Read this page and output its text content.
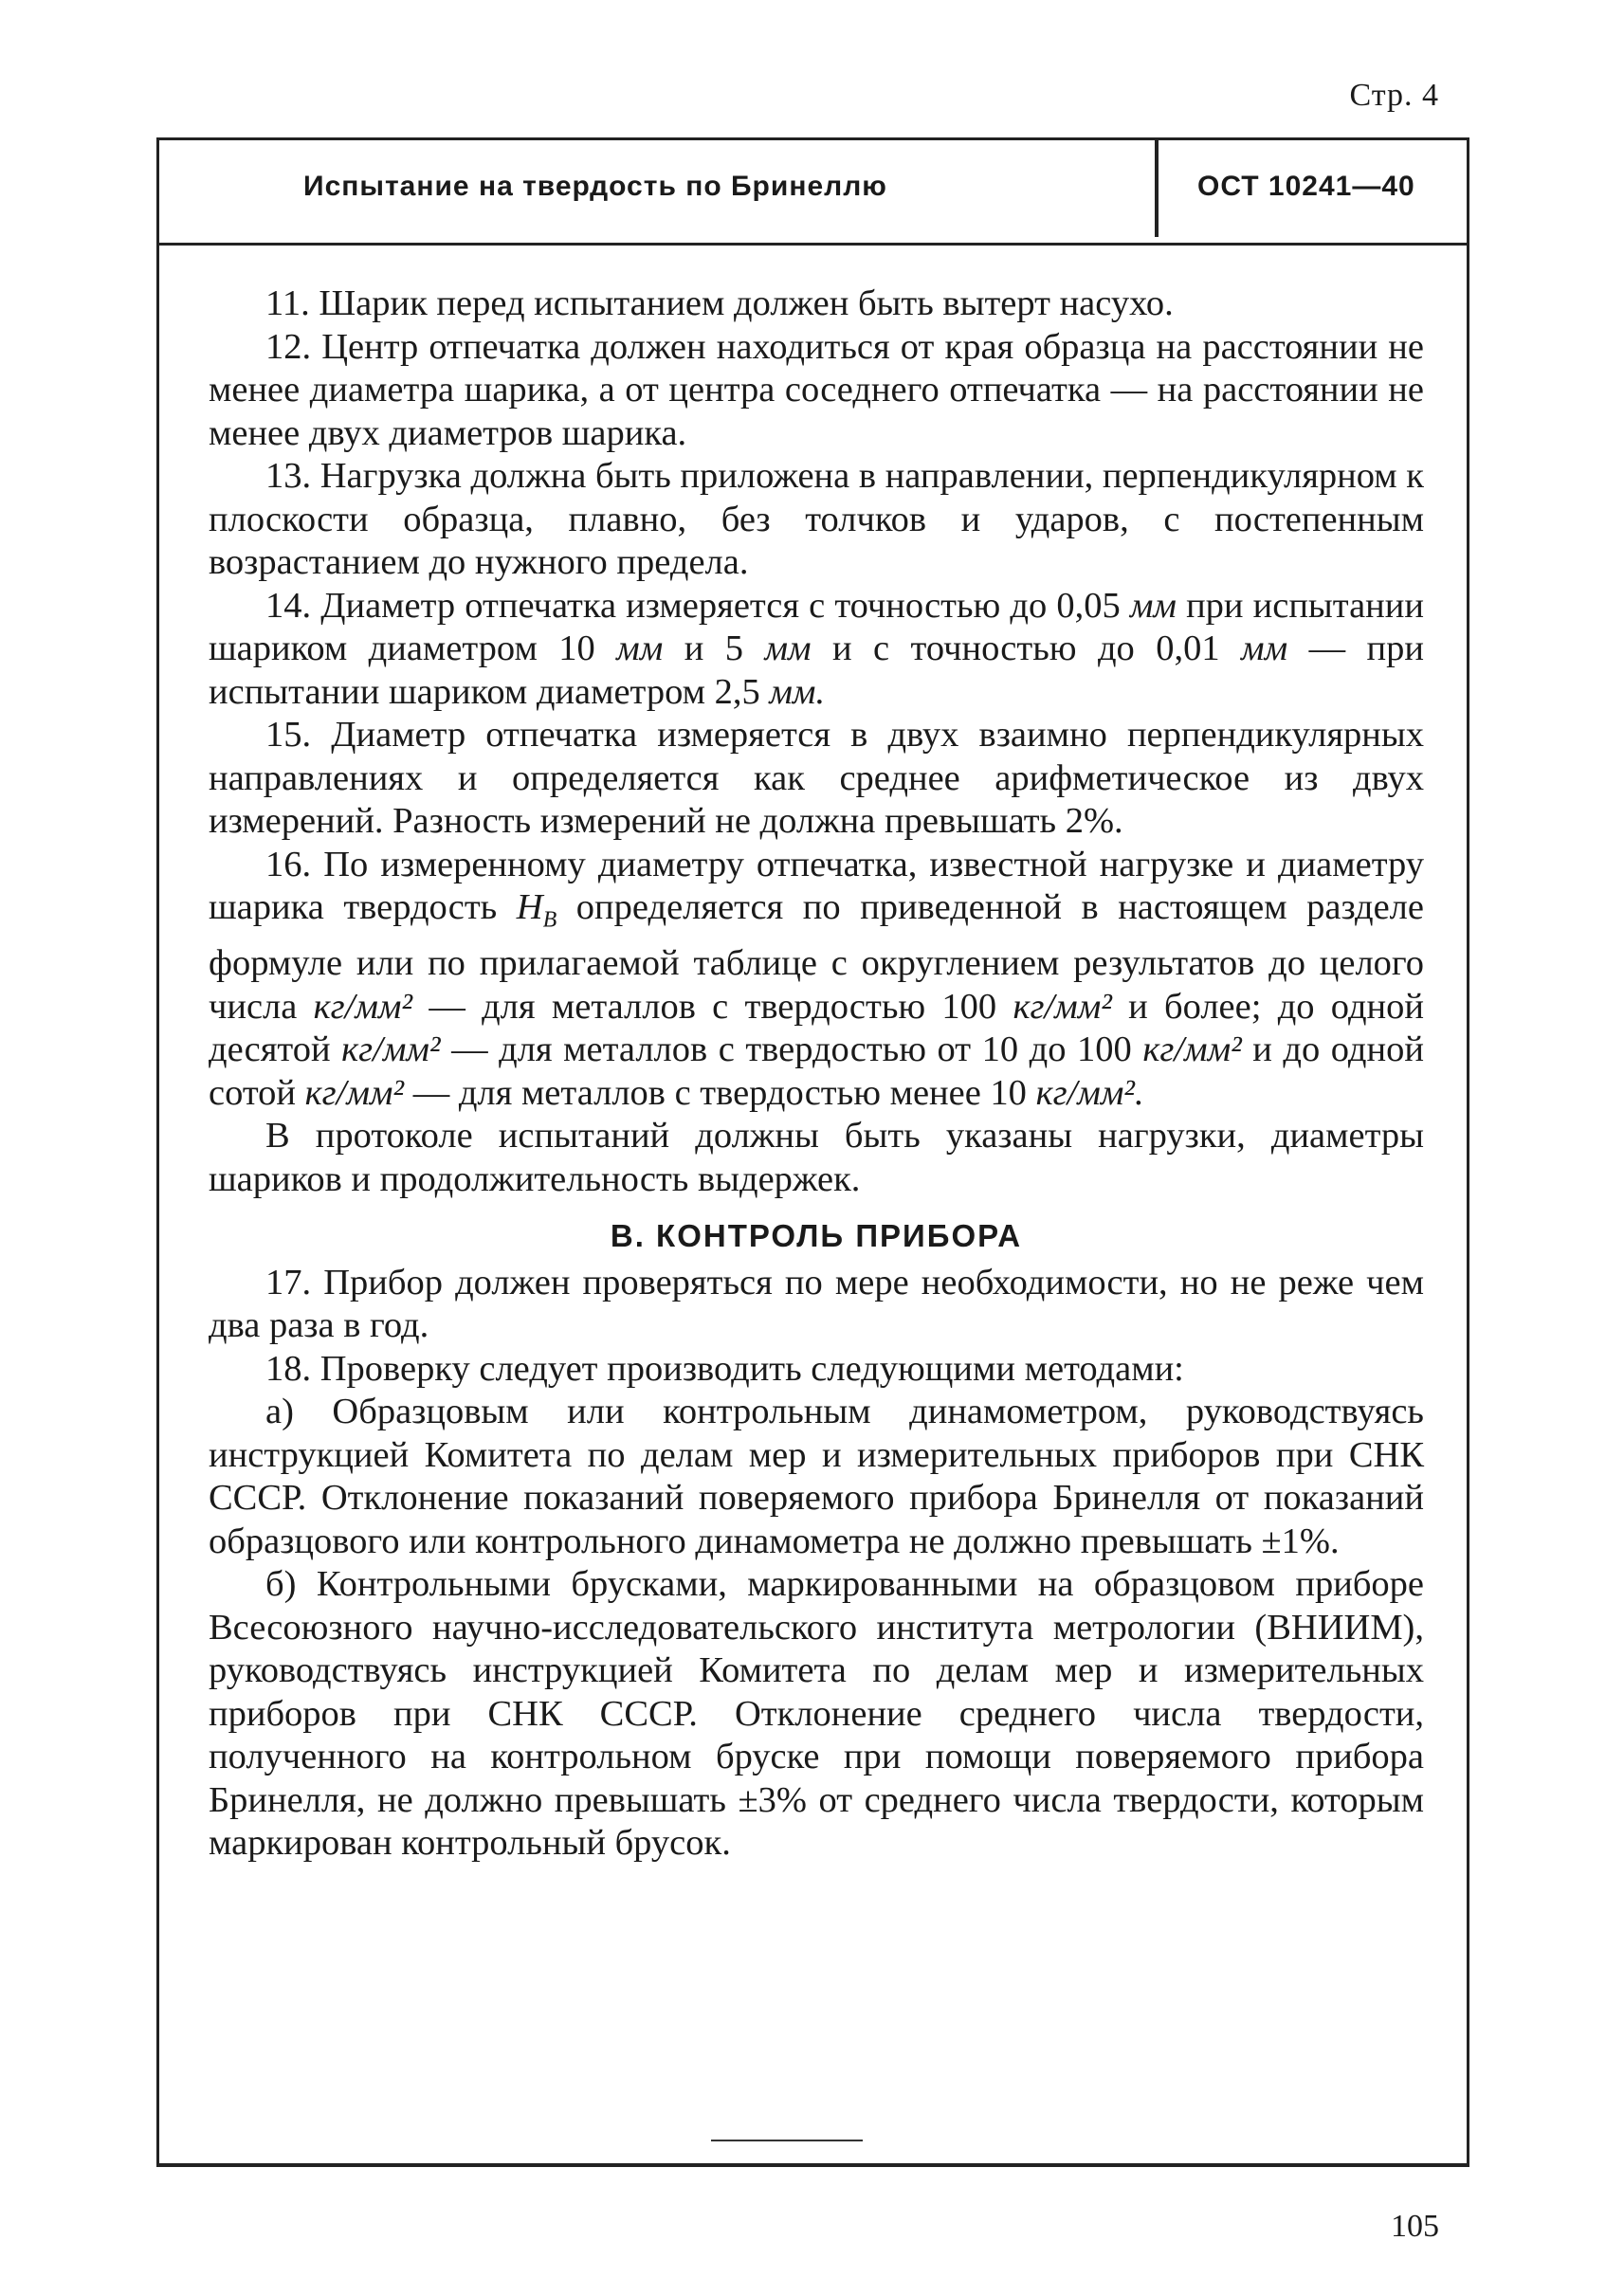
Стр. 4
Испытание на твердость по Бринеллю	ОСТ 10241—40

11. Шарик перед испытанием должен быть вытерт насухо.

12. Центр отпечатка должен находиться от края образца на расстоянии не менее диаметра шарика, а от центра соседнего отпечатка — на расстоянии не менее двух диаметров шарика.

13. Нагрузка должна быть приложена в направлении, перпендикулярном к плоскости образца, плавно, без толчков и ударов, с постепенным возрастанием до нужного предела.

14. Диаметр отпечатка измеряется с точностью до 0,05 мм при испытании шариком диаметром 10 мм и 5 мм и с точностью до 0,01 мм — при испытании шариком диаметром 2,5 мм.

15. Диаметр отпечатка измеряется в двух взаимно перпендикулярных направлениях и определяется как среднее арифметическое из двух измерений. Разность измерений не должна превышать 2%.

16. По измеренному диаметру отпечатка, известной нагрузке и диаметру шарика твердость $H_B$ определяется по приведенной в настоящем разделе формуле или по прилагаемой таблице с округлением результатов до целого числа кг/мм² — для металлов с твердостью 100 кг/мм² и более; до одной десятой кг/мм² — для металлов с твердостью от 10 до 100 кг/мм² и до одной сотой кг/мм² — для металлов с твердостью менее 10 кг/мм².

В протоколе испытаний должны быть указаны нагрузки, диаметры шариков и продолжительность выдержек.

В. КОНТРОЛЬ ПРИБОРА

17. Прибор должен проверяться по мере необходимости, но не реже чем два раза в год.

18. Проверку следует производить следующими методами:

а) Образцовым или контрольным динамометром, руководствуясь инструкцией Комитета по делам мер и измерительных приборов при СНК СССР. Отклонение показаний поверяемого прибора Бринелля от показаний образцового или контрольного динамометра не должно превышать ±1%.

б) Контрольными брусками, маркированными на образцовом приборе Всесоюзного научно-исследовательского института метрологии (ВНИИМ), руководствуясь инструкцией Комитета по делам мер и измерительных приборов при СНК СССР. Отклонение среднего числа твердости, полученного на контрольном бруске при помощи поверяемого прибора Бринелля, не должно превышать ±3% от среднего числа твердости, которым маркирован контрольный брусок.

105
